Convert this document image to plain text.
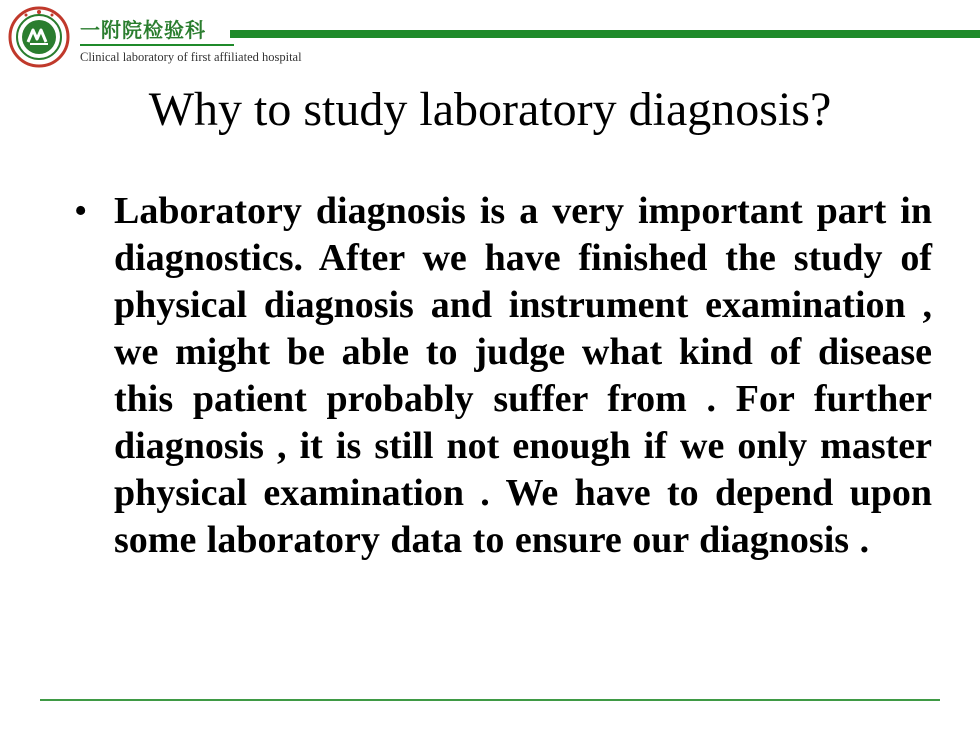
一附院检验科
Clinical laboratory of first affiliated hospital
Why to study laboratory diagnosis?
• Laboratory diagnosis is a very important part in diagnostics. After we have finished the study of physical diagnosis and instrument examination , we might be able to judge what kind of disease this patient probably suffer from . For further diagnosis , it is still not enough if we only master physical examination . We have to depend upon some laboratory data to ensure our diagnosis .
